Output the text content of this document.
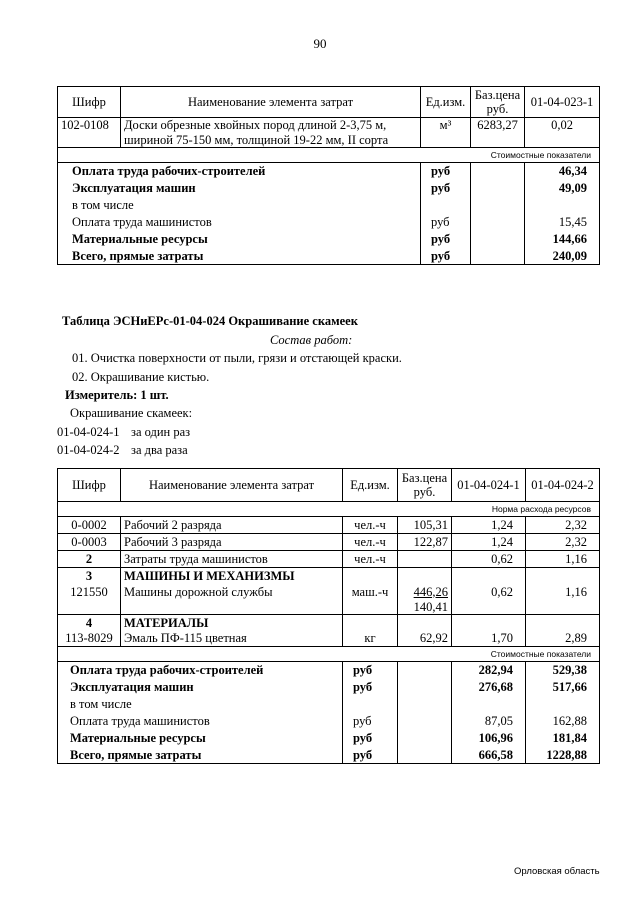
90
Шифр	Наименование элемента затрат	Ед.изм.	Баз.цена руб.	01-04-023-1
102-0108	Доски обрезные хвойных пород длиной 2-3,75 м,	м³	6283,27	0,02
	шириной 75-150 мм, толщиной 19-22 мм, II сорта			
Стоимостные показатели				
Оплата труда рабочих-строителей		руб		46,34
Эксплуатация машин		руб		49,09
в том числе				
Оплата труда машинистов		руб		15,45
Материальные ресурсы		руб		144,66
Всего, прямые затраты		руб		240,09
Таблица ЭСНиЕРс-01-04-024 Окрашивание скамеек
Состав работ:
01. Очистка поверхности от пыли, грязи и отстающей краски.
02. Окрашивание кистью.
Измеритель: 1 шт.
Окрашивание скамеек:
01-04-024-1 за один раз
01-04-024-2 за два раза
Шифр	Наименование элемента затрат	Ед.изм.	Баз.цена руб.	01-04-024-1	01-04-024-2
Норма расхода ресурсов					
0-0002	Рабочий 2 разряда	чел.-ч	105,31	1,24	2,32
0-0003	Рабочий 3 разряда	чел.-ч	122,87	1,24	2,32
2	Затраты труда машинистов	чел.-ч		0,62	1,16
3	МАШИНЫ И МЕХАНИЗМЫ				
121550	Машины дорожной службы	маш.-ч	446,26	0,62	1,16
			140,41		
4	МАТЕРИАЛЫ				
113-8029	Эмаль ПФ-115 цветная	кг	62,92	1,70	2,89
Стоимостные показатели					
Оплата труда рабочих-строителей		руб		282,94	529,38
Эксплуатация машин		руб		276,68	517,66
в том числе					
Оплата труда машинистов		руб		87,05	162,88
Материальные ресурсы		руб		106,96	181,84
Всего, прямые затраты		руб		666,58	1228,88
Орловская область
